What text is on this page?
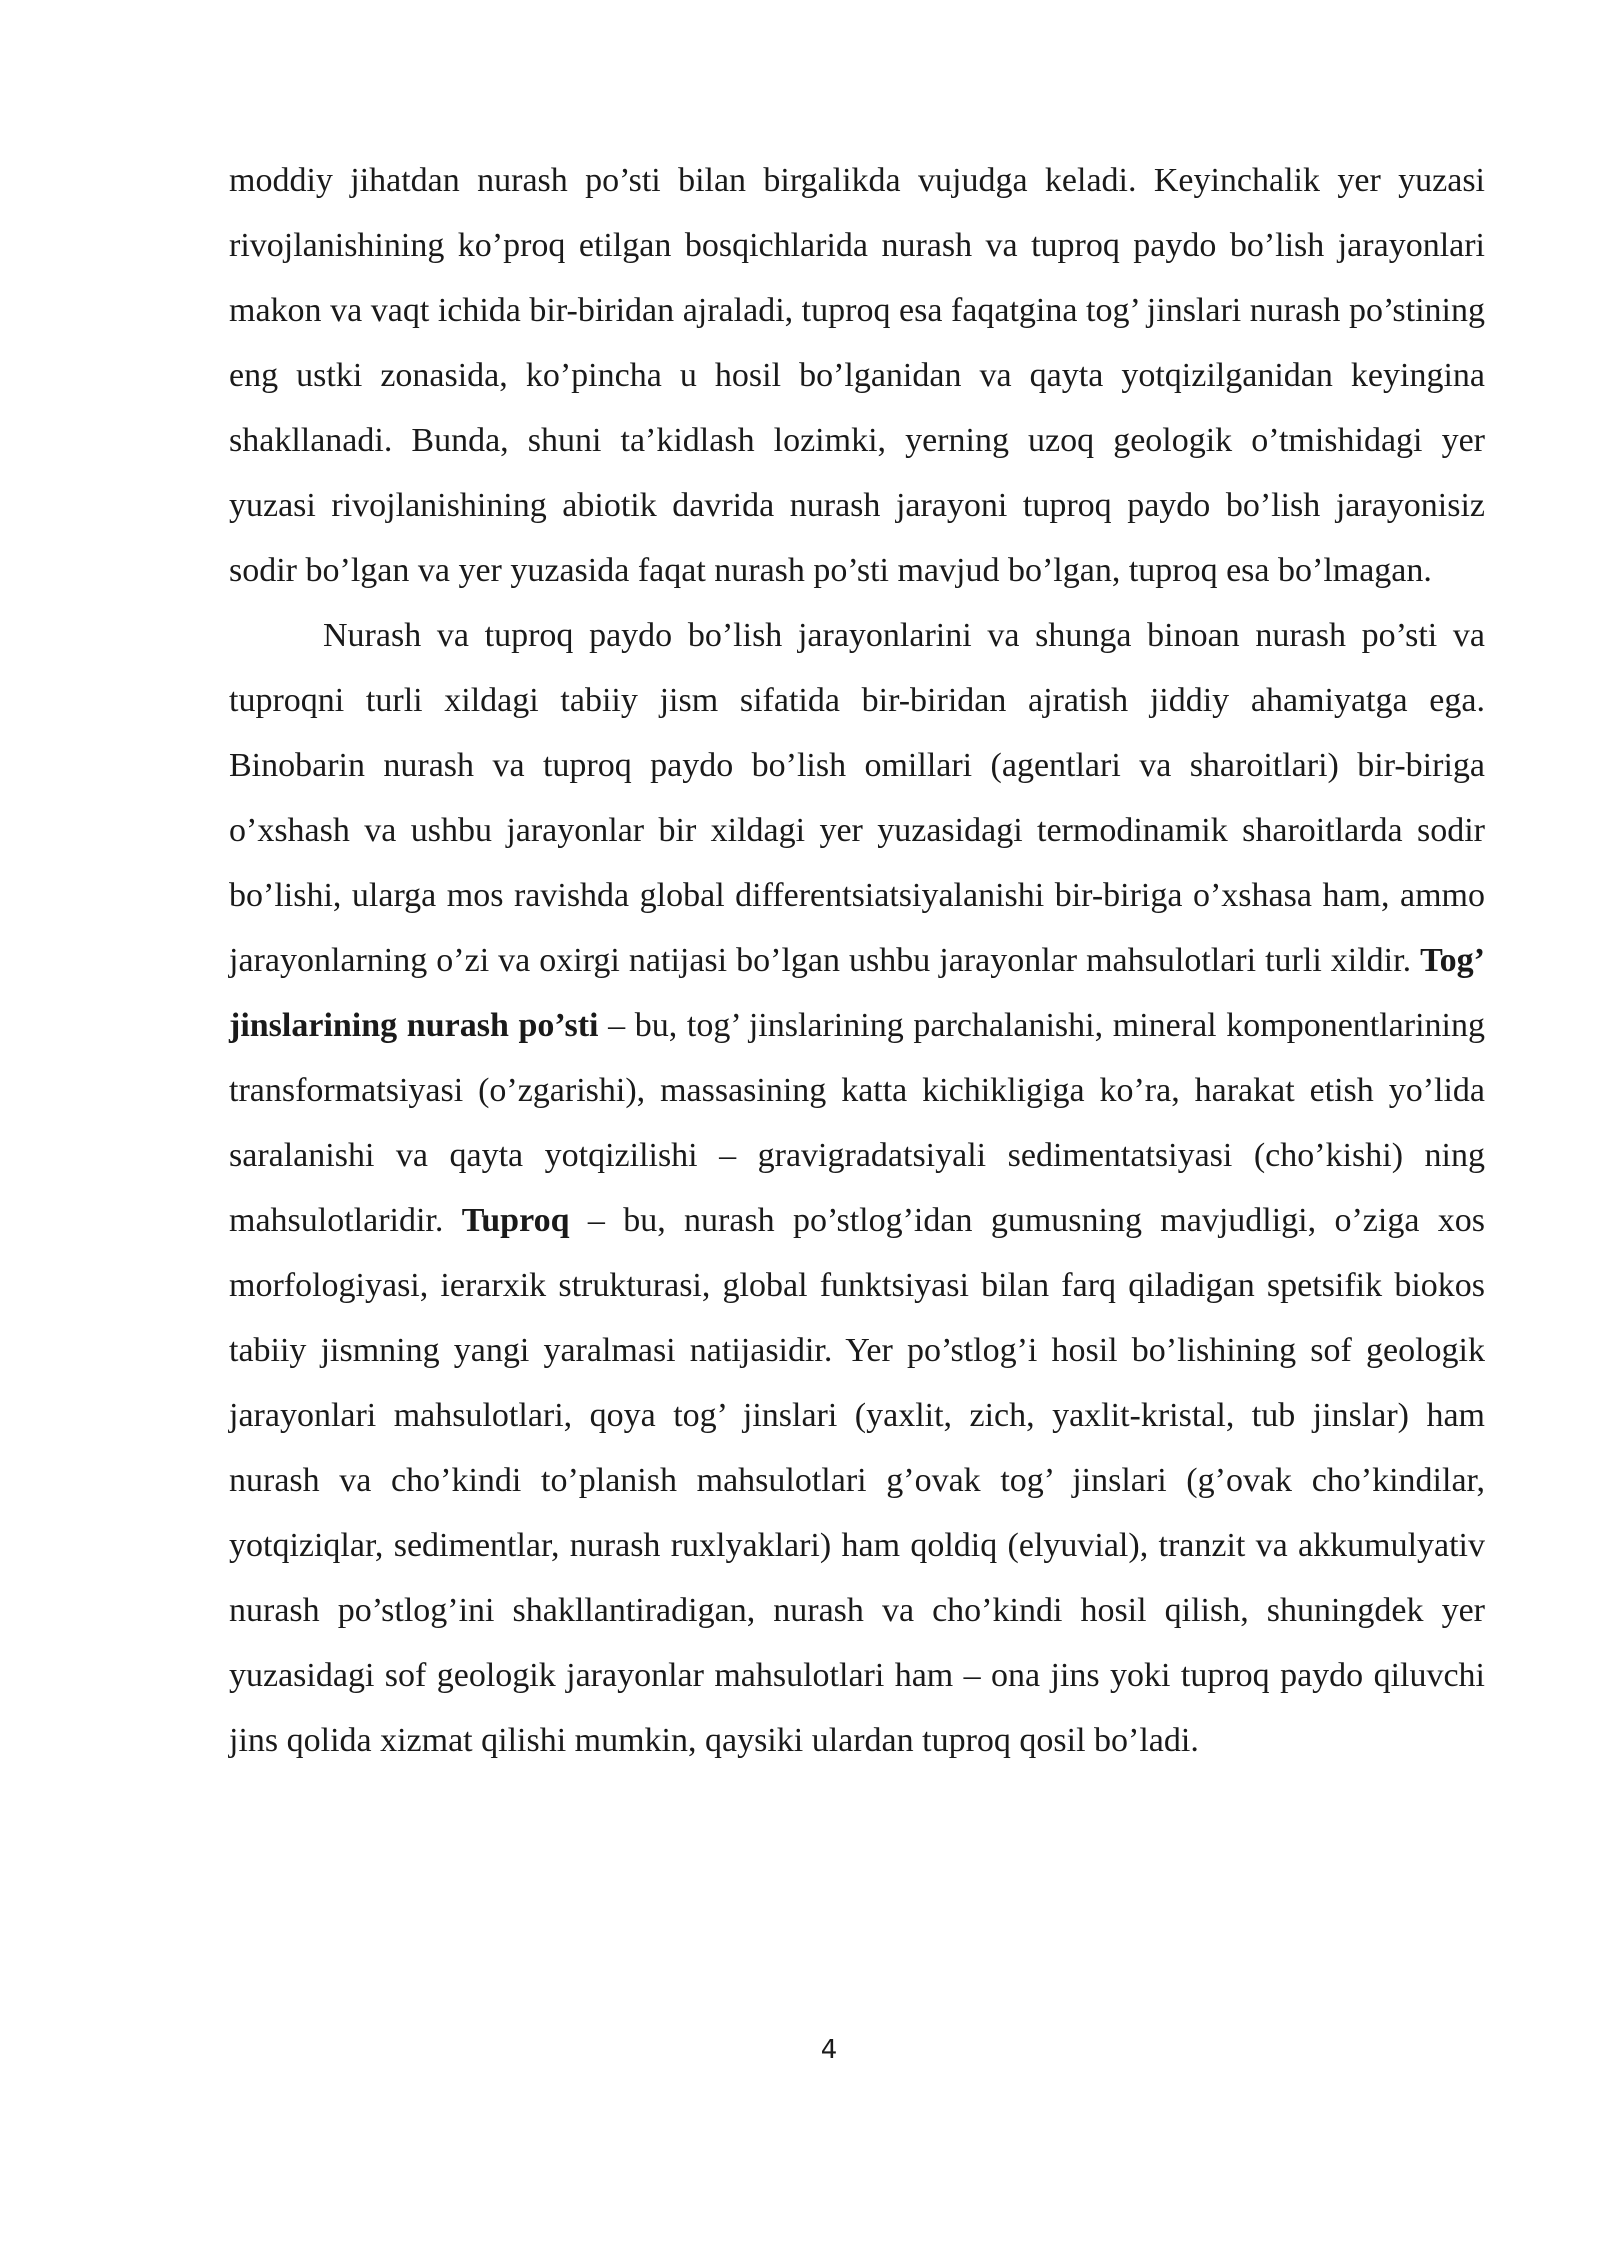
moddiy jihatdan nurash po’sti bilan birgalikda vujudga keladi. Keyinchalik yer yuzasi rivojlanishining ko’proq etilgan bosqichlarida nurash va tuproq paydo bo’lish jarayonlari makon va vaqt ichida bir-biridan ajraladi, tuproq esa faqatgina tog’ jinslari nurash po’stining eng ustki zonasida, ko’pincha u hosil bo’lganidan va qayta yotqizilganidan keyingina shakllanadi. Bunda, shuni ta’kidlash lozimki, yerning uzoq geologik o’tmishidagi yer yuzasi rivojlanishining abiotik davrida nurash jarayoni tuproq paydo bo’lish jarayonisiz sodir bo’lgan va yer yuzasida faqat nurash po’sti mavjud bo’lgan, tuproq esa bo’lmagan.

Nurash va tuproq paydo bo’lish jarayonlarini va shunga binoan nurash po’sti va tuproqni turli xildagi tabiiy jism sifatida bir-biridan ajratish jiddiy ahamiyatga ega. Binobarin nurash va tuproq paydo bo’lish omillari (agentlari va sharoitlari) bir-biriga o’xshash va ushbu jarayonlar bir xildagi yer yuzasidagi termodinamik sharoitlarda sodir bo’lishi, ularga mos ravishda global differentsiatsiyalanishi bir-biriga o’xshasa ham, ammo jarayonlarning o’zi va oxirgi natijasi bo’lgan ushbu jarayonlar mahsulotlari turli xildir. Tog’ jinslarining nurash po’sti – bu, tog’ jinslarining parchalanishi, mineral komponentlarining transformatsiyasi (o’zgarishi), massasining katta kichikligiga ko’ra, harakat etish yo’lida saralanishi va qayta yotqizilishi – gravigradatsiyali sedimentatsiyasi (cho’kishi) ning mahsulotlaridir. Tuproq – bu, nurash po’stlog’idan gumusning mavjudligi, o’ziga xos morfologiyasi, ierarxik strukturasi, global funktsiyasi bilan farq qiladigan spetsifik biokos tabiiy jismning yangi yaralmasi natijasidir. Yer po’stlog’i hosil bo’lishining sof geologik jarayonlari mahsulotlari, qoya tog’ jinslari (yaxlit, zich, yaxlit-kristal, tub jinslar) ham nurash va cho’kindi to’planish mahsulotlari g’ovak tog’ jinslari (g’ovak cho’kindilar, yotqiziqlar, sedimentlar, nurash ruxlyaklari) ham qoldiq (elyuvial), tranzit va akkumulyativ nurash po’stlog’ini shakllantiradigan, nurash va cho’kindi hosil qilish, shuningdek yer yuzasidagi sof geologik jarayonlar mahsulotlari ham – ona jins yoki tuproq paydo qiluvchi jins qolida xizmat qilishi mumkin, qaysiki ulardan tuproq qosil bo’ladi.

4
